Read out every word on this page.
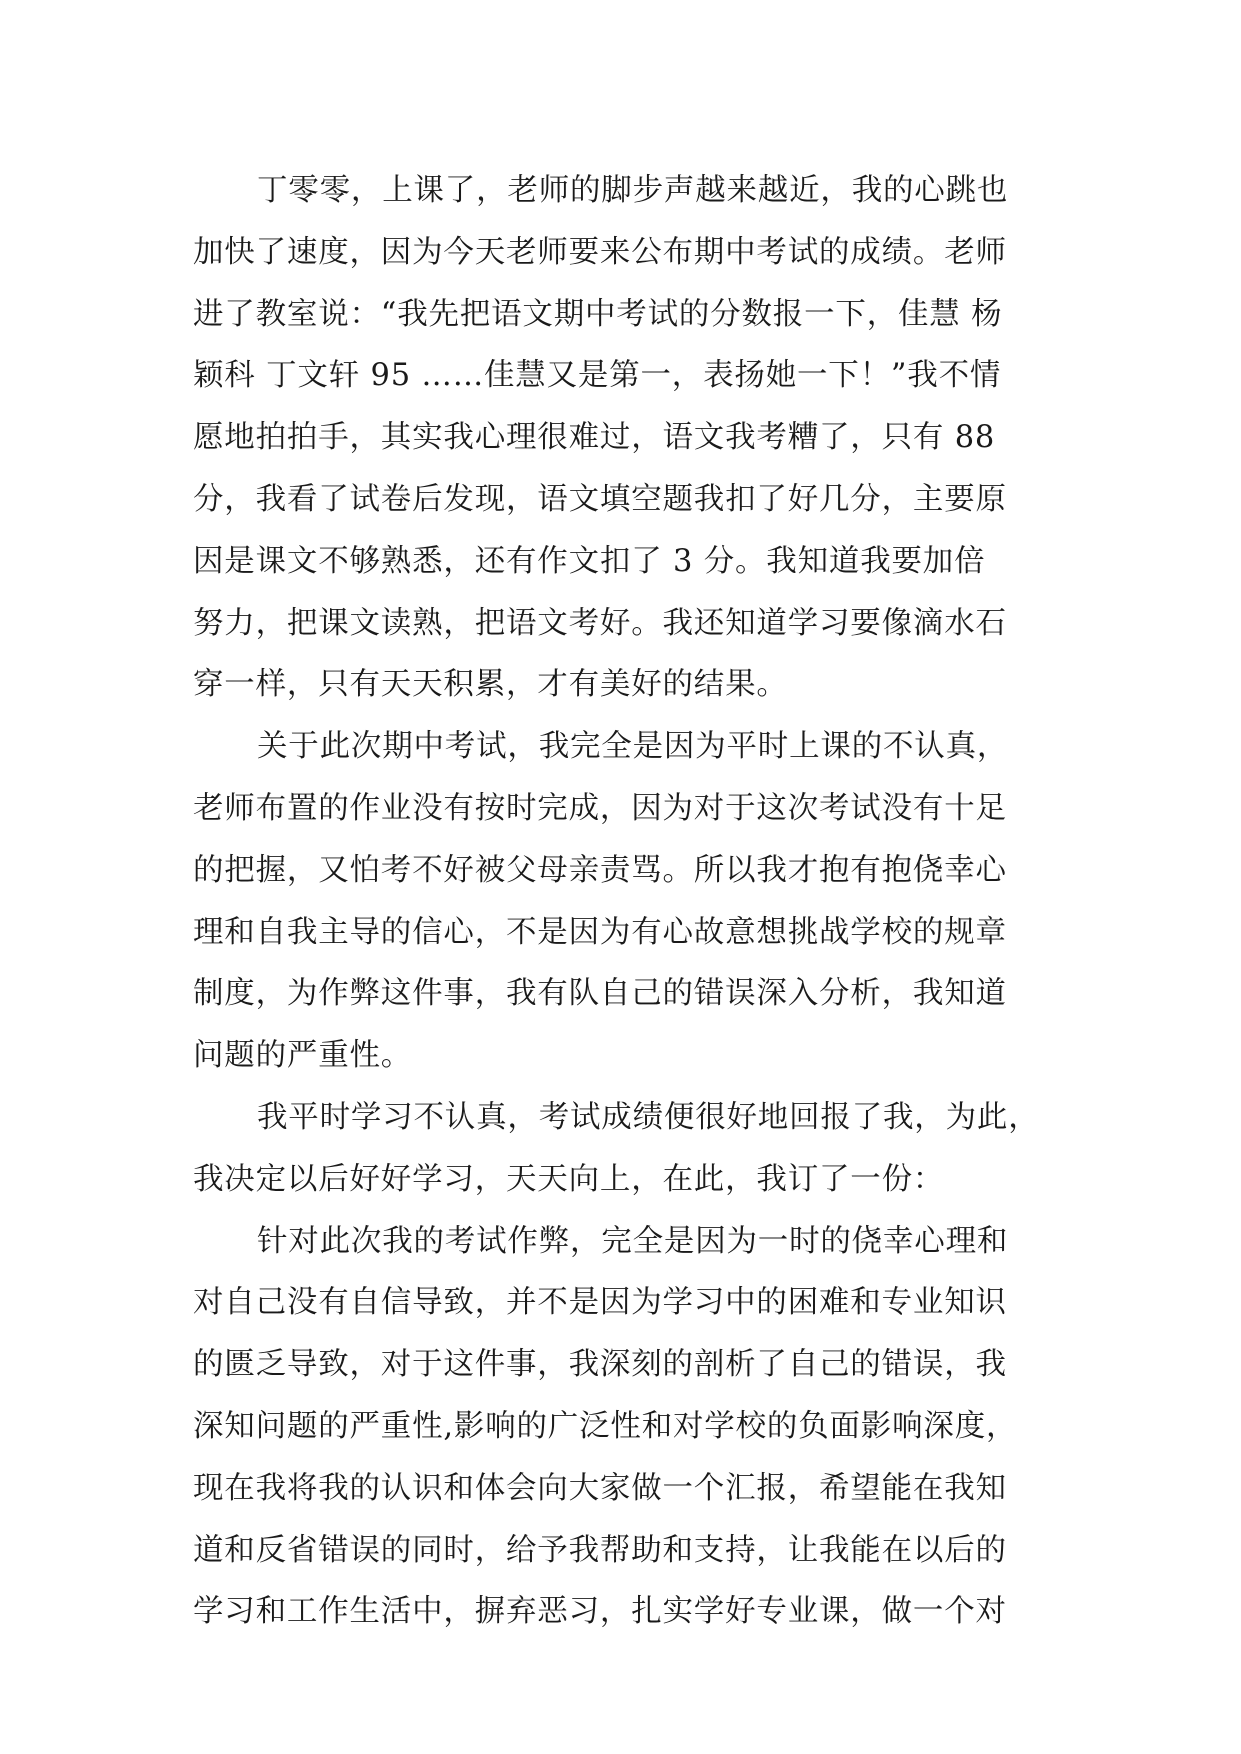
丁零零，上课了，老师的脚步声越来越近，我的心跳也
加快了速度，因为今天老师要来公布期中考试的成绩。老师
进了教室说：“我先把语文期中考试的分数报一下，佳慧 杨
颖科 丁文轩 95 ……佳慧又是第一，表扬她一下！”我不情
愿地拍拍手，其实我心理很难过，语文我考糟了，只有 88
分，我看了试卷后发现，语文填空题我扣了好几分，主要原
因是课文不够熟悉，还有作文扣了 3 分。我知道我要加倍
努力，把课文读熟，把语文考好。我还知道学习要像滴水石
穿一样，只有天天积累，才有美好的结果。
关于此次期中考试，我完全是因为平时上课的不认真，
老师布置的作业没有按时完成，因为对于这次考试没有十足
的把握，又怕考不好被父母亲责骂。所以我才抱有抱侥幸心
理和自我主导的信心，不是因为有心故意想挑战学校的规章
制度，为作弊这件事，我有队自己的错误深入分析，我知道
问题的严重性。
我平时学习不认真，考试成绩便很好地回报了我，为此，
我决定以后好好学习，天天向上，在此，我订了一份：
针对此次我的考试作弊，完全是因为一时的侥幸心理和
对自己没有自信导致，并不是因为学习中的困难和专业知识
的匮乏导致，对于这件事，我深刻的剖析了自己的错误，我
深知问题的严重性,影响的广泛性和对学校的负面影响深度，
现在我将我的认识和体会向大家做一个汇报，希望能在我知
道和反省错误的同时，给予我帮助和支持，让我能在以后的
学习和工作生活中，摒弃恶习，扎实学好专业课，做一个对
